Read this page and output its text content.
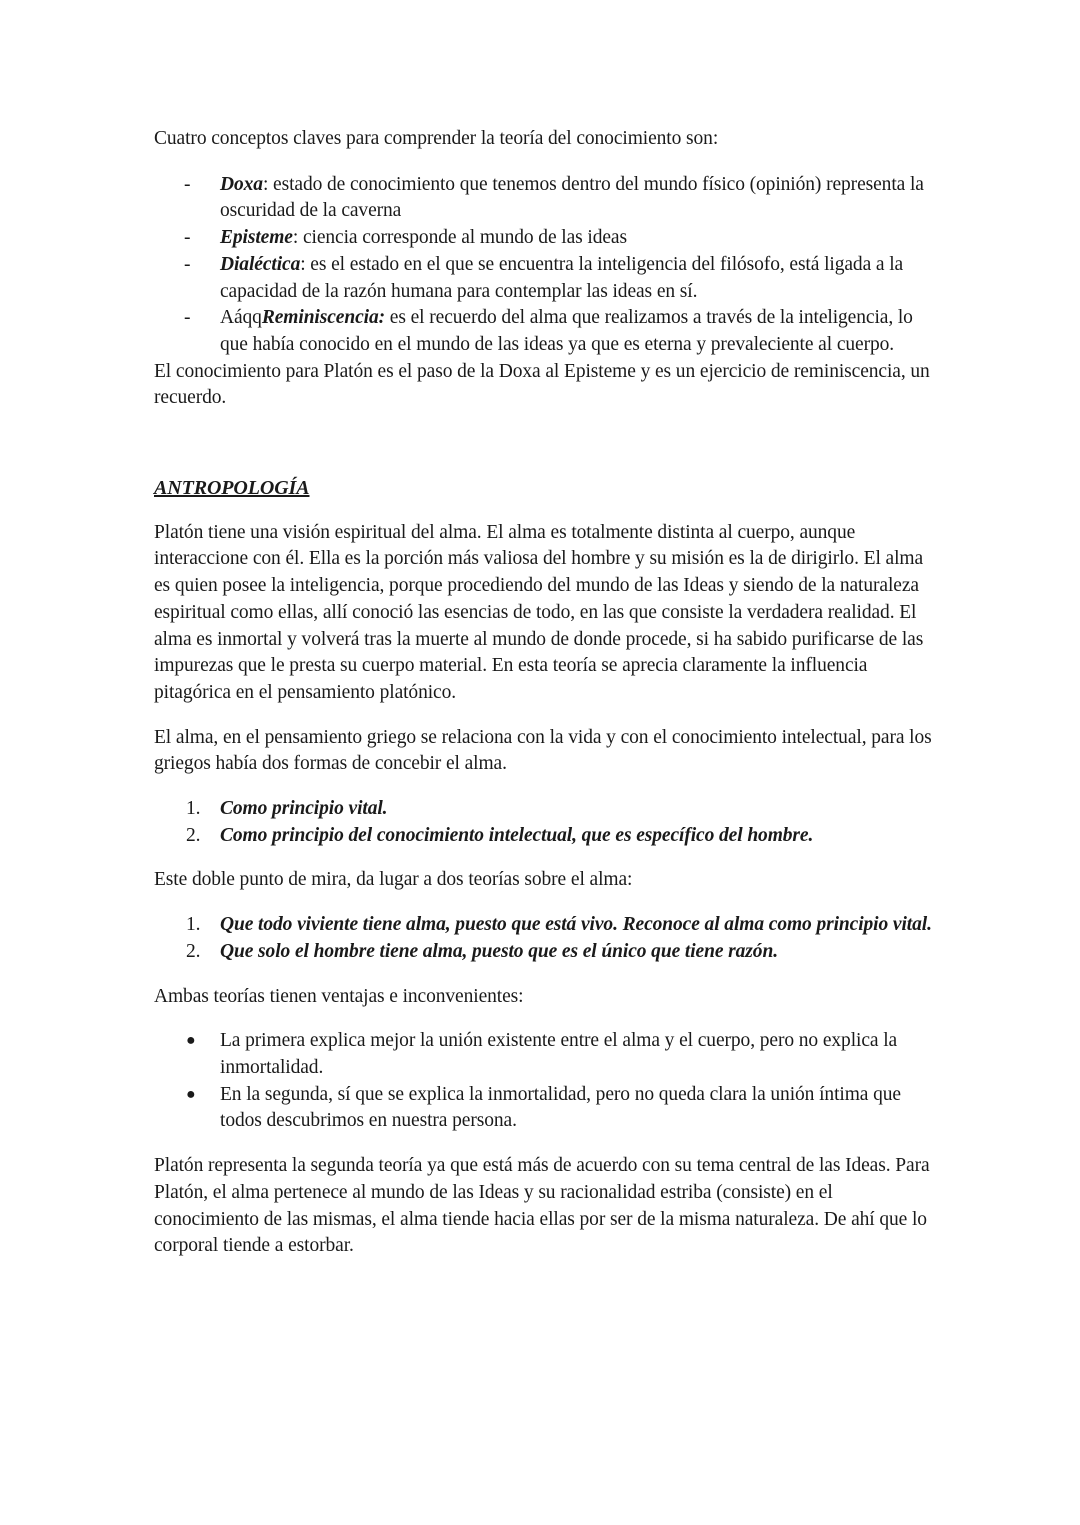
Cuatro conceptos claves para comprender la teoría del conocimiento son:

- Doxa: estado de conocimiento que tenemos dentro del mundo físico (opinión) representa la oscuridad de la caverna
- Episteme: ciencia corresponde al mundo de las ideas
- Dialéctica: es el estado en el que se encuentra la inteligencia del filósofo, está ligada a la capacidad de la razón humana para contemplar las ideas en sí.
- AáqqReminiscencia: es el recuerdo del alma que realizamos a través de la inteligencia, lo que había conocido en el mundo de las ideas ya que es eterna y prevaleciente al cuerpo.

El conocimiento para Platón es el paso de la Doxa al Episteme y es un ejercicio de reminiscencia, un recuerdo.

ANTROPOLOGÍA

Platón tiene una visión espiritual del alma. El alma es totalmente distinta al cuerpo, aunque interaccione con él. Ella es la porción más valiosa del hombre y su misión es la de dirigirlo. El alma es quien posee la inteligencia, porque procediendo del mundo de las Ideas y siendo de la naturaleza espiritual como ellas, allí conoció las esencias de todo, en las que consiste la verdadera realidad. El alma es inmortal y volverá tras la muerte al mundo de donde procede, si ha sabido purificarse de las impurezas que le presta su cuerpo material. En esta teoría se aprecia claramente la influencia pitagórica en el pensamiento platónico.

El alma, en el pensamiento griego se relaciona con la vida y con el conocimiento intelectual, para los griegos había dos formas de concebir el alma.

1. Como principio vital.
2. Como principio del conocimiento intelectual, que es específico del hombre.

Este doble punto de mira, da lugar a dos teorías sobre el alma:

1. Que todo viviente tiene alma, puesto que está vivo. Reconoce al alma como principio vital.
2. Que solo el hombre tiene alma, puesto que es el único que tiene razón.

Ambas teorías tienen ventajas e inconvenientes:

● La primera explica mejor la unión existente entre el alma y el cuerpo, pero no explica la inmortalidad.
● En la segunda, sí que se explica la inmortalidad, pero no queda clara la unión íntima que todos descubrimos en nuestra persona.

Platón representa la segunda teoría ya que está más de acuerdo con su tema central de las Ideas. Para Platón, el alma pertenece al mundo de las Ideas y su racionalidad estriba (consiste) en el conocimiento de las mismas, el alma tiende hacia ellas por ser de la misma naturaleza. De ahí que lo corporal tiende a estorbar.
